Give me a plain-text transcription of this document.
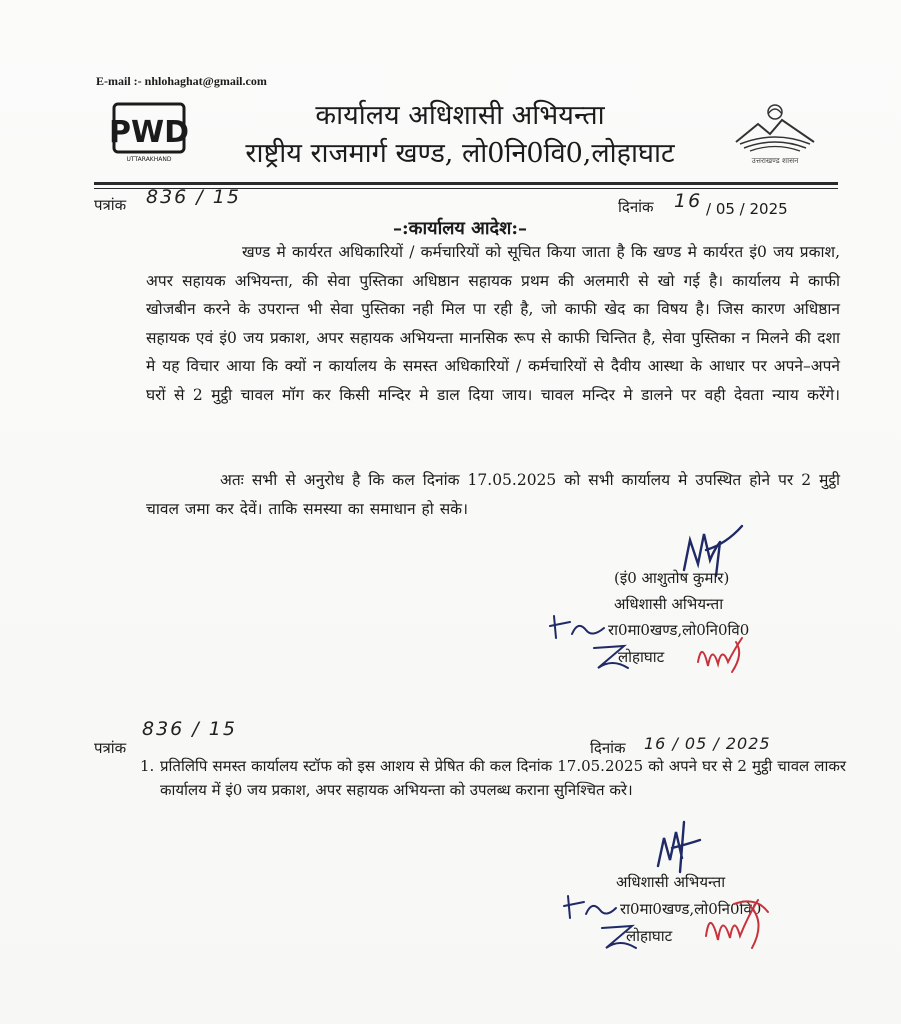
E-mail :- nhlohaghat@gmail.com
PWD
UTTARAKHAND
कार्यालय अधिशासी अभियन्ता
राष्ट्रीय राजमार्ग खण्ड, लो0नि0वि0,लोहाघाट	उत्तराखण्ड शासन
पत्रांक 836 / 15	दिनांक 16 / 05 / 2025
–:कार्यालय आदेश:–
खण्ड मे कार्यरत अधिकारियों / कर्मचारियों को सूचित किया जाता है कि खण्ड मे कार्यरत इं0 जय प्रकाश, अपर सहायक अभियन्ता, की सेवा पुस्तिका अधिष्ठान सहायक प्रथम की अलमारी से खो गई है। कार्यालय मे काफी खोजबीन करने के उपरान्त भी सेवा पुस्तिका नही मिल पा रही है, जो काफी खेद का विषय है। जिस कारण अधिष्ठान सहायक एवं इं0 जय प्रकाश, अपर सहायक अभियन्ता मानसिक रूप से काफी चिन्तित है, सेवा पुस्तिका न मिलने की दशा मे यह विचार आया कि क्यों न कार्यालय के समस्त अधिकारियों / कर्मचारियों से दैवीय आस्था के आधार पर अपने–अपने घरों से 2 मुट्ठी चावल मॉग कर किसी मन्दिर मे डाल दिया जाय। चावल मन्दिर मे डालने पर वही देवता न्याय करेंगे।
अतः सभी से अनुरोध है कि कल दिनांक 17.05.2025 को सभी कार्यालय मे उपस्थित होने पर 2 मुट्ठी चावल जमा कर देवें। ताकि समस्या का समाधान हो सके।
(इं0 आशुतोष कुमार)
अधिशासी अभियन्ता
रा0मा0खण्ड,लो0नि0वि0
लोहाघाट
पत्रांक
836 / 15
दिनांक 16 / 05 / 2025
1. प्रतिलिपि समस्त कार्यालय स्टॉफ को इस आशय से प्रेषित की कल दिनांक 17.05.2025 को अपने घर से 2 मुट्ठी चावल लाकर कार्यालय में इं0 जय प्रकाश, अपर सहायक अभियन्ता को उपलब्ध कराना सुनिश्चित करे।
अधिशासी अभियन्ता
रा0मा0खण्ड,लो0नि0वि0
लोहाघाट
